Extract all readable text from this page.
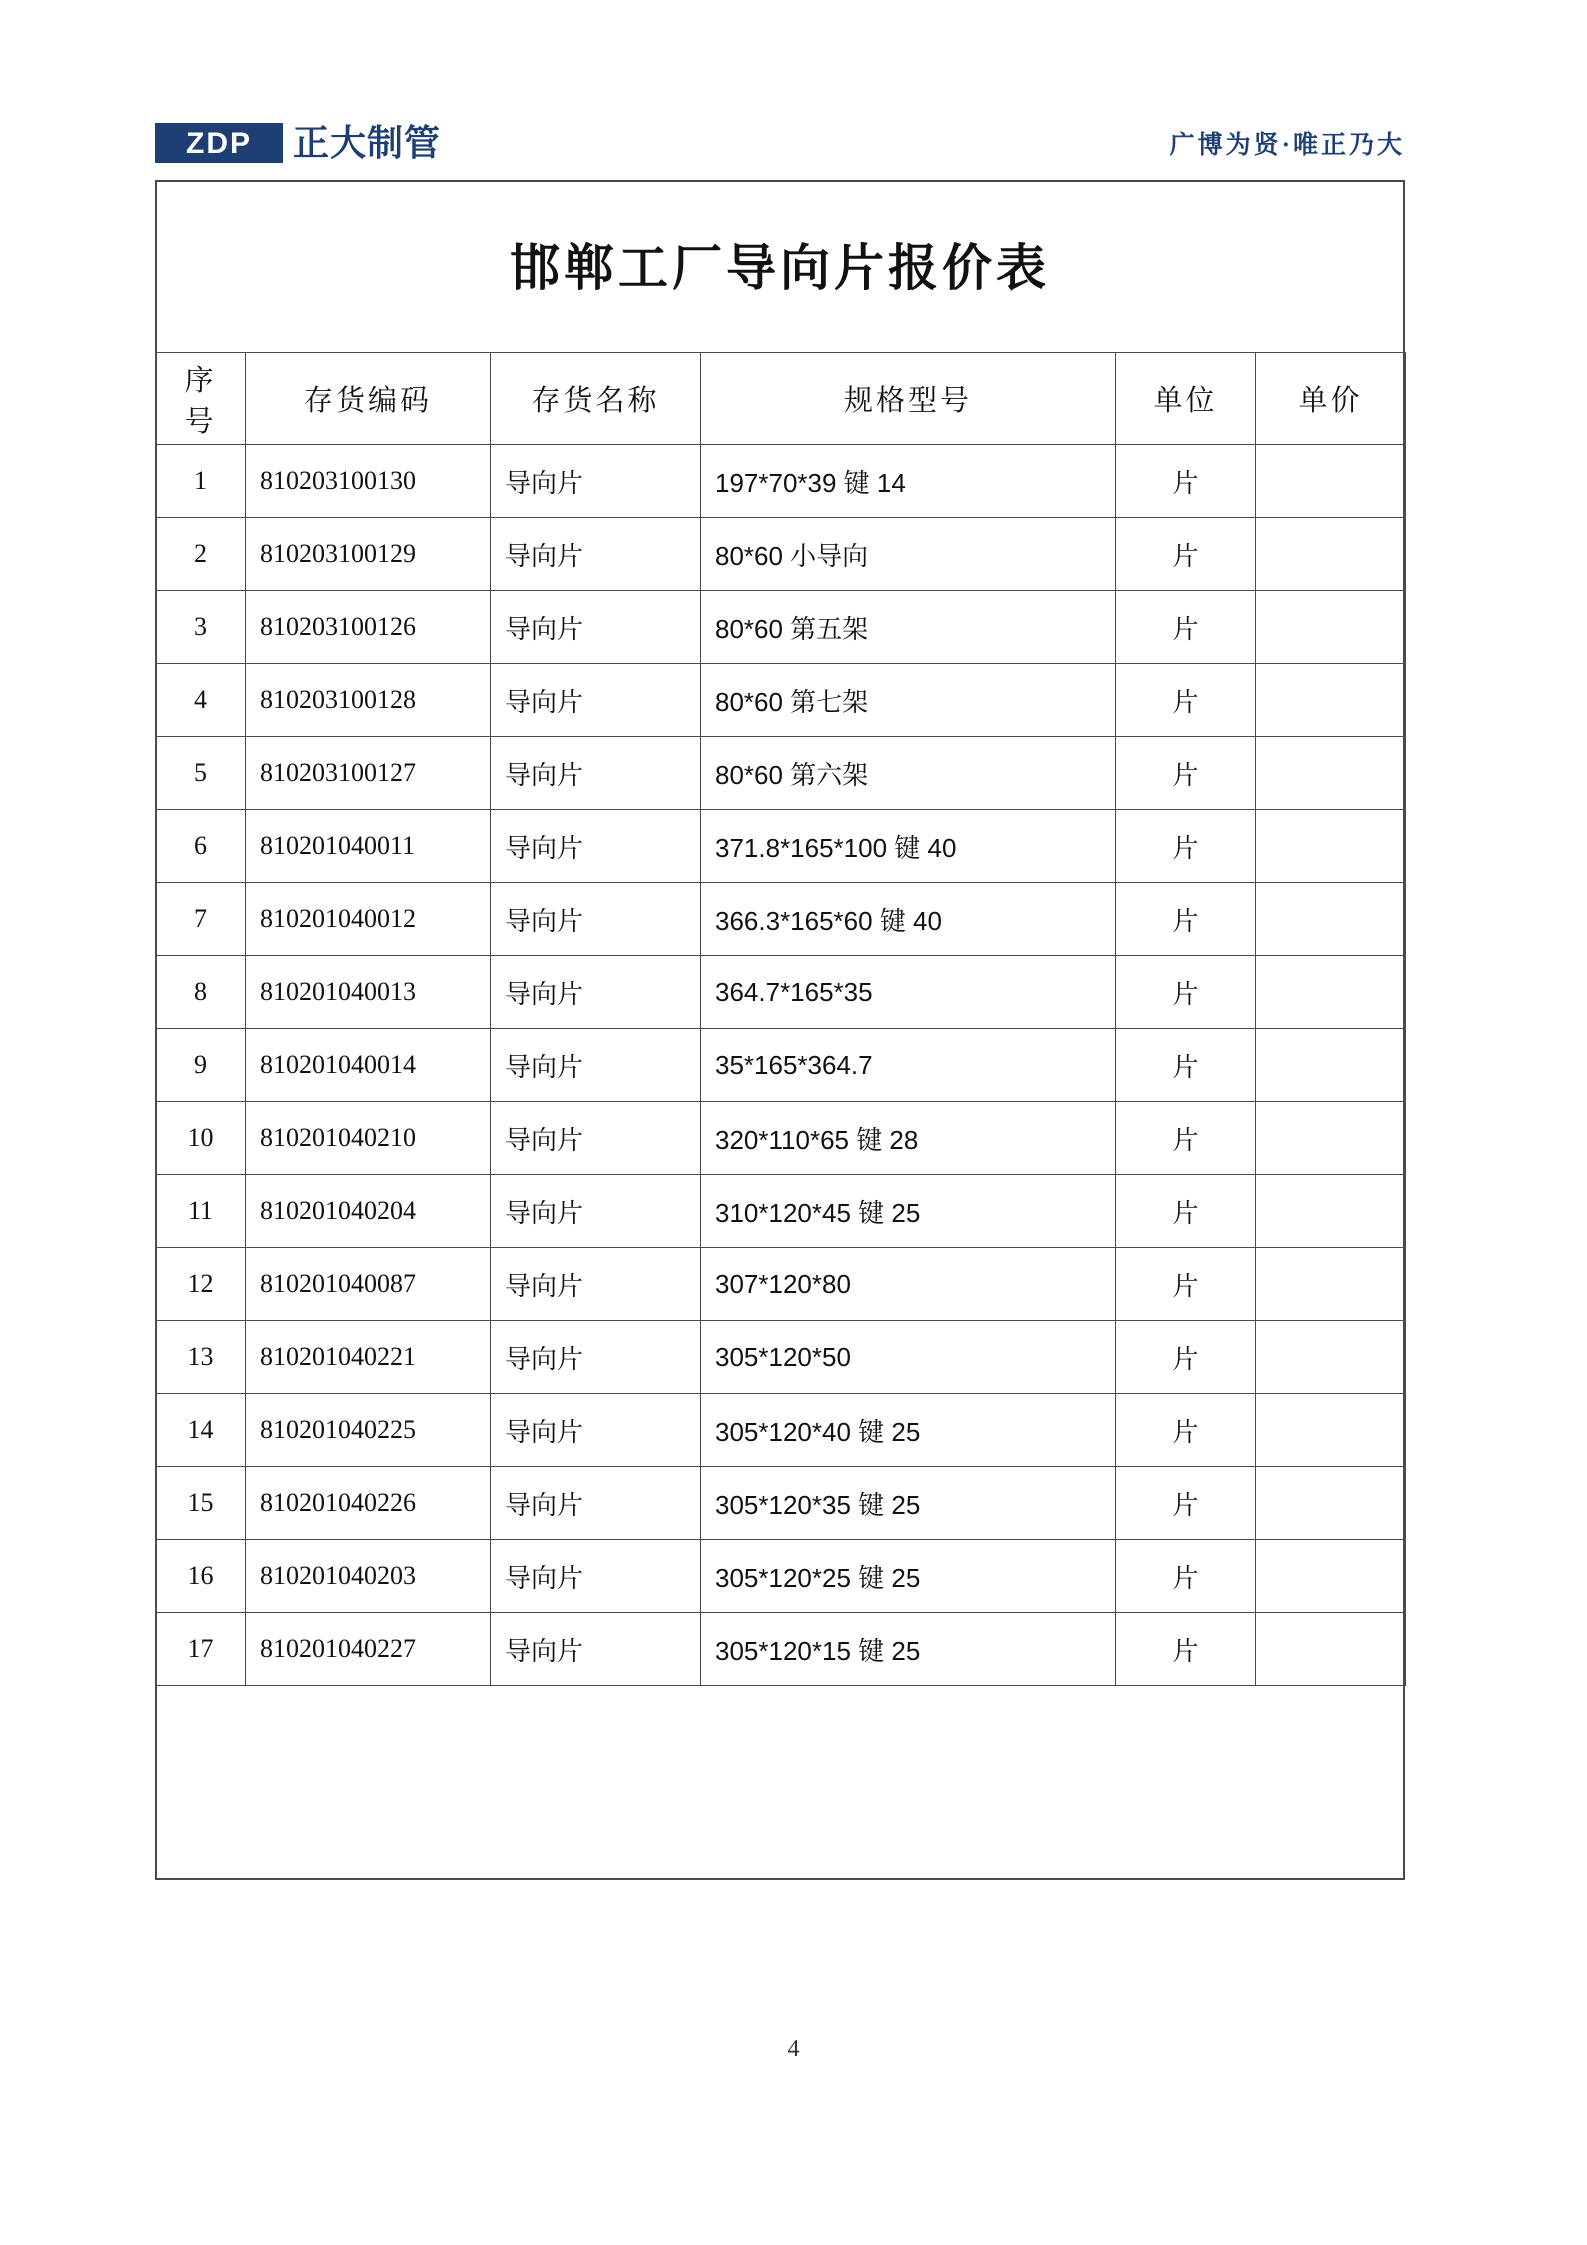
ZDP 正大制管	广博为贤·唯正乃大
邯郸工厂导向片报价表
序号	存货编码	存货名称	规格型号	单位	单价
1	810203100130	导向片	197*70*39 键 14	片	
2	810203100129	导向片	80*60 小导向	片	
3	810203100126	导向片	80*60 第五架	片	
4	810203100128	导向片	80*60 第七架	片	
5	810203100127	导向片	80*60 第六架	片	
6	810201040011	导向片	371.8*165*100 键 40	片	
7	810201040012	导向片	366.3*165*60 键 40	片	
8	810201040013	导向片	364.7*165*35	片	
9	810201040014	导向片	35*165*364.7	片	
10	810201040210	导向片	320*110*65 键 28	片	
11	810201040204	导向片	310*120*45 键 25	片	
12	810201040087	导向片	307*120*80	片	
13	810201040221	导向片	305*120*50	片	
14	810201040225	导向片	305*120*40 键 25	片	
15	810201040226	导向片	305*120*35 键 25	片	
16	810201040203	导向片	305*120*25 键 25	片	
17	810201040227	导向片	305*120*15 键 25	片	
4
